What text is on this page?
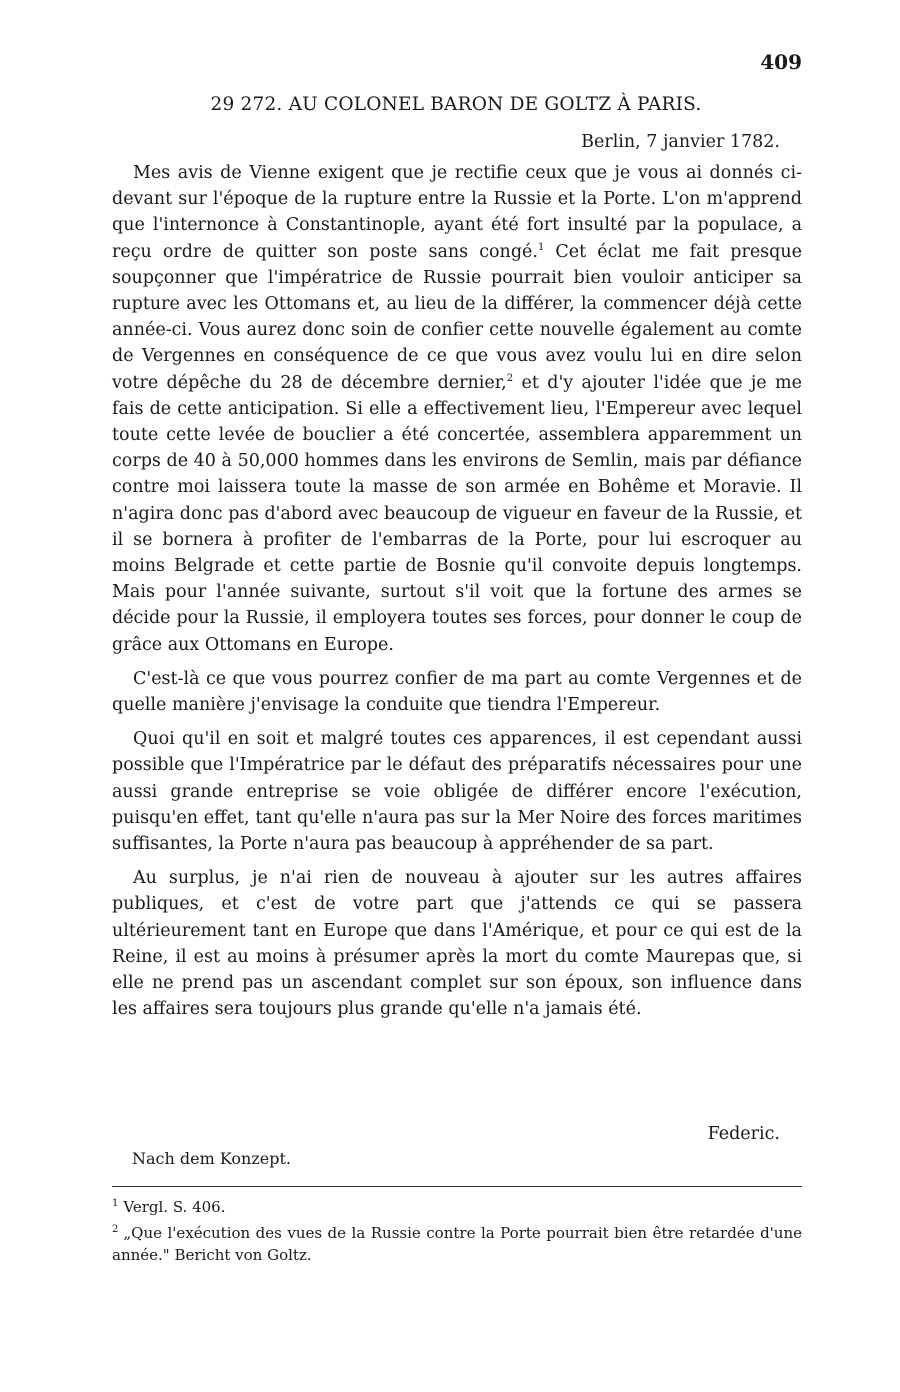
409
29 272. AU COLONEL BARON DE GOLTZ À PARIS.
Berlin, 7 janvier 1782.

Mes avis de Vienne exigent que je rectifie ceux que je vous ai donnés ci-devant sur l'époque de la rupture entre la Russie et la Porte. L'on m'apprend que l'internonce à Constantinople, ayant été fort insulté par la populace, a reçu ordre de quitter son poste sans congé.$^1$ Cet éclat me fait presque soupçonner que l'impératrice de Russie pourrait bien vouloir anticiper sa rupture avec les Ottomans et, au lieu de la différer, la commencer déjà cette année-ci. Vous aurez donc soin de confier cette nouvelle également au comte de Vergennes en conséquence de ce que vous avez voulu lui en dire selon votre dépêche du 28 de décembre dernier,$^2$ et d'y ajouter l'idée que je me fais de cette anticipation. Si elle a effectivement lieu, l'Empereur avec lequel toute cette levée de bouclier a été concertée, assemblera apparemment un corps de 40 à 50,000 hommes dans les environs de Semlin, mais par défiance contre moi laissera toute la masse de son armée en Bohême et Moravie. Il n'agira donc pas d'abord avec beaucoup de vigueur en faveur de la Russie, et il se bornera à profiter de l'embarras de la Porte, pour lui escroquer au moins Belgrade et cette partie de Bosnie qu'il convoite depuis longtemps. Mais pour l'année suivante, surtout s'il voit que la fortune des armes se décide pour la Russie, il employera toutes ses forces, pour donner le coup de grâce aux Ottomans en Europe.

C'est-là ce que vous pourrez confier de ma part au comte Vergennes et de quelle manière j'envisage la conduite que tiendra l'Empereur.

Quoi qu'il en soit et malgré toutes ces apparences, il est cependant aussi possible que l'Impératrice par le défaut des préparatifs nécessaires pour une aussi grande entreprise se voie obligée de différer encore l'exécution, puisqu'en effet, tant qu'elle n'aura pas sur la Mer Noire des forces maritimes suffisantes, la Porte n'aura pas beaucoup à appréhender de sa part.

Au surplus, je n'ai rien de nouveau à ajouter sur les autres affaires publiques, et c'est de votre part que j'attends ce qui se passera ultérieurement tant en Europe que dans l'Amérique, et pour ce qui est de la Reine, il est au moins à présumer après la mort du comte Maurepas que, si elle ne prend pas un ascendant complet sur son époux, son influence dans les affaires sera toujours plus grande qu'elle n'a jamais été.

Federic.
Nach dem Konzept.
$^1$ Vergl. S. 406.
$^2$ „Que l'exécution des vues de la Russie contre la Porte pourrait bien être retardée d'une année." Bericht von Goltz.
